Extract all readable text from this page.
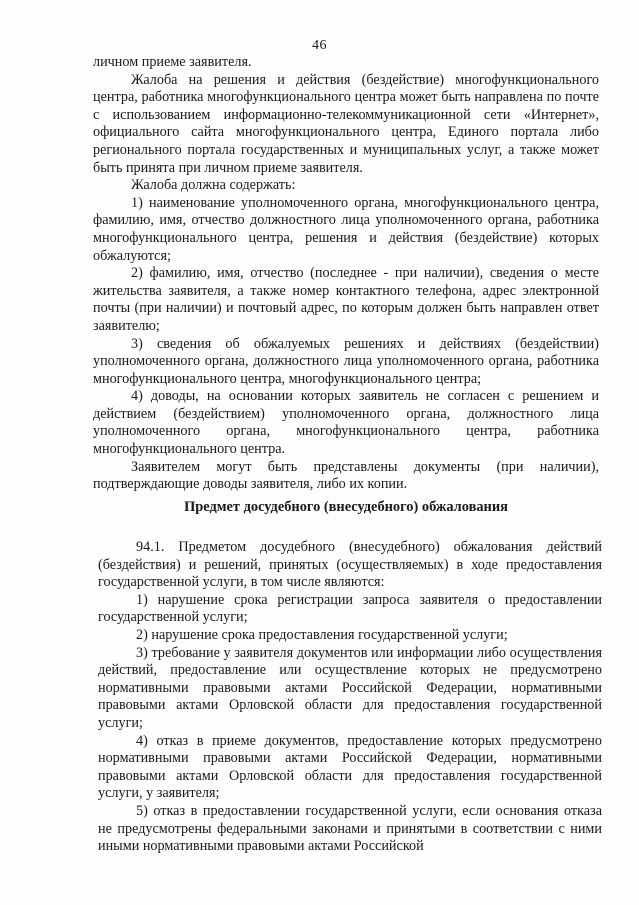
46

личном приеме заявителя.

Жалоба на решения и действия (бездействие) многофункционального центра, работника многофункционального центра может быть направлена по почте с использованием информационно-телекоммуникационной сети «Интернет», официального сайта многофункционального центра, Единого портала либо регионального портала государственных и муниципальных услуг, а также может быть принята при личном приеме заявителя.

Жалоба должна содержать:

1) наименование уполномоченного органа, многофункционального центра, фамилию, имя, отчество должностного лица уполномоченного органа, работника многофункционального центра, решения и действия (бездействие) которых обжалуются;

2) фамилию, имя, отчество (последнее - при наличии), сведения о месте жительства заявителя, а также номер контактного телефона, адрес электронной почты (при наличии) и почтовый адрес, по которым должен быть направлен ответ заявителю;

3) сведения об обжалуемых решениях и действиях (бездействии) уполномоченного органа, должностного лица уполномоченного органа, работника многофункционального центра, многофункционального центра;

4) доводы, на основании которых заявитель не согласен с решением и действием (бездействием) уполномоченного органа, должностного лица уполномоченного органа, многофункционального центра, работника многофункционального центра.

Заявителем могут быть представлены документы (при наличии), подтверждающие доводы заявителя, либо их копии.

Предмет досудебного (внесудебного) обжалования

94.1. Предметом досудебного (внесудебного) обжалования действий (бездействия) и решений, принятых (осуществляемых) в ходе предоставления государственной услуги, в том числе являются:

1) нарушение срока регистрации запроса заявителя о предоставлении государственной услуги;

2) нарушение срока предоставления государственной услуги;

3) требование у заявителя документов или информации либо осуществления действий, предоставление или осуществление которых не предусмотрено нормативными правовыми актами Российской Федерации, нормативными правовыми актами Орловской области для предоставления государственной услуги;

4) отказ в приеме документов, предоставление которых предусмотрено нормативными правовыми актами Российской Федерации, нормативными правовыми актами Орловской области для предоставления государственной услуги, у заявителя;

5) отказ в предоставлении государственной услуги, если основания отказа не предусмотрены федеральными законами и принятыми в соответствии с ними иными нормативными правовыми актами Российской
